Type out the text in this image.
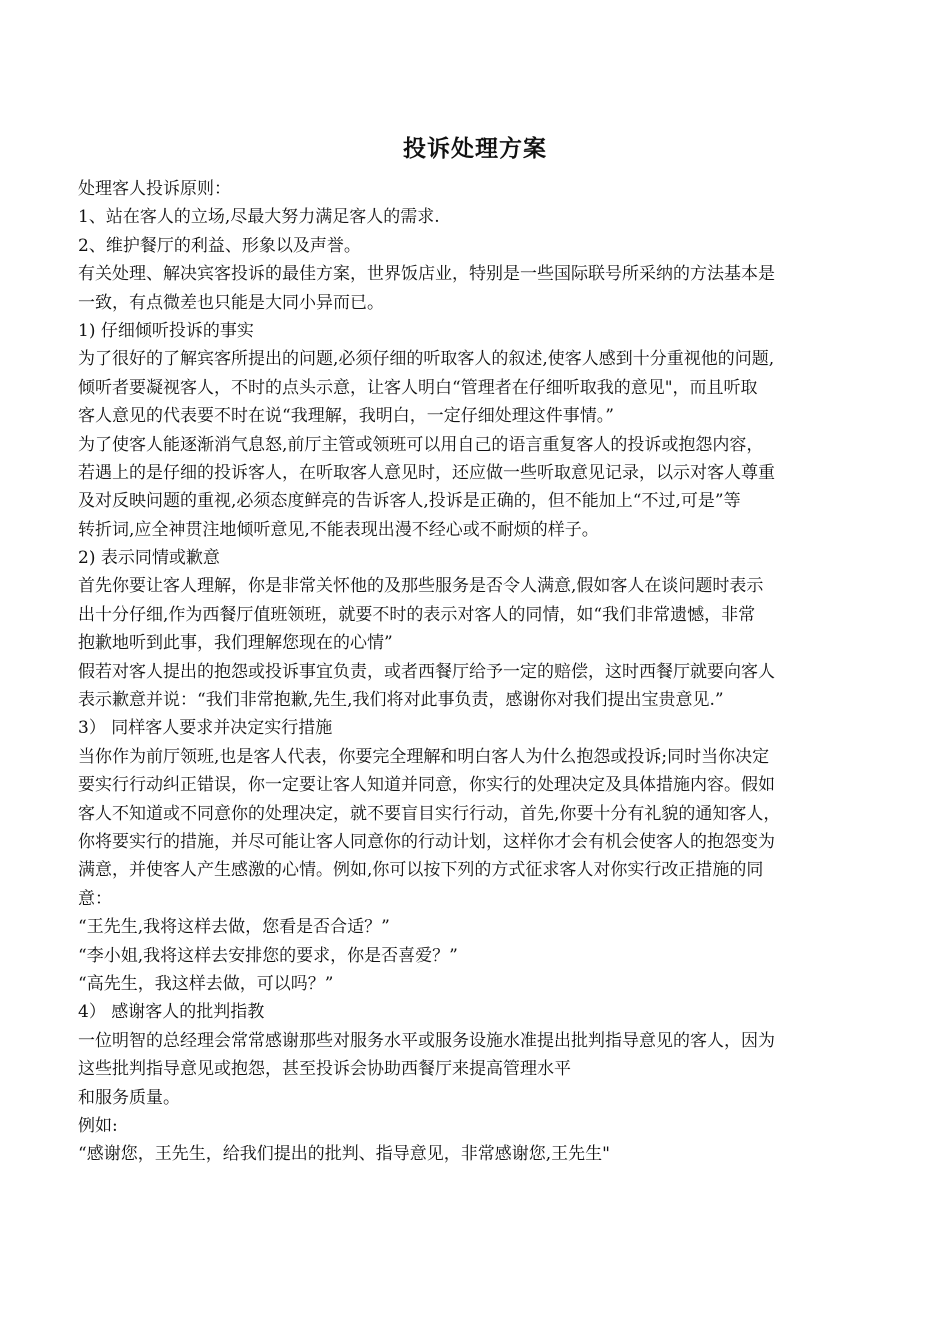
投诉处理方案
处理客人投诉原则：
1、站在客人的立场,尽最大努力满足客人的需求.
2、维护餐厅的利益、形象以及声誉。
有关处理、解决宾客投诉的最佳方案，世界饭店业，特别是一些国际联号所采纳的方法基本是
一致，有点微差也只能是大同小异而已。
1) 仔细倾听投诉的事实
为了很好的了解宾客所提出的问题,必须仔细的听取客人的叙述,使客人感到十分重视他的问题,
倾听者要凝视客人，不时的点头示意，让客人明白“管理者在仔细听取我的意见"，而且听取
客人意见的代表要不时在说“我理解，我明白，一定仔细处理这件事情。”
为了使客人能逐渐消气息怒,前厅主管或领班可以用自己的语言重复客人的投诉或抱怨内容，
若遇上的是仔细的投诉客人，在听取客人意见时，还应做一些听取意见记录，以示对客人尊重
及对反映问题的重视,必须态度鲜亮的告诉客人,投诉是正确的，但不能加上“不过,可是”等
转折词,应全神贯注地倾听意见,不能表现出漫不经心或不耐烦的样子。
2) 表示同情或歉意
首先你要让客人理解，你是非常关怀他的及那些服务是否令人满意,假如客人在谈问题时表示
出十分仔细,作为西餐厅值班领班，就要不时的表示对客人的同情，如“我们非常遗憾，非常
抱歉地听到此事，我们理解您现在的心情”
假若对客人提出的抱怨或投诉事宜负责，或者西餐厅给予一定的赔偿，这时西餐厅就要向客人
表示歉意并说：“我们非常抱歉,先生,我们将对此事负责，感谢你对我们提出宝贵意见.”
3） 同样客人要求并决定实行措施
当你作为前厅领班,也是客人代表，你要完全理解和明白客人为什么抱怨或投诉;同时当你决定
要实行行动纠正错误，你一定要让客人知道并同意，你实行的处理决定及具体措施内容。假如
客人不知道或不同意你的处理决定，就不要盲目实行行动，首先,你要十分有礼貌的通知客人，
你将要实行的措施，并尽可能让客人同意你的行动计划，这样你才会有机会使客人的抱怨变为
满意，并使客人产生感激的心情。例如,你可以按下列的方式征求客人对你实行改正措施的同
意：
“王先生,我将这样去做，您看是否合适？”
“李小姐,我将这样去安排您的要求，你是否喜爱？”
“高先生，我这样去做，可以吗？”
4） 感谢客人的批判指教
一位明智的总经理会常常感谢那些对服务水平或服务设施水准提出批判指导意见的客人，因为
这些批判指导意见或抱怨，甚至投诉会协助西餐厅来提高管理水平
和服务质量。
例如:
“感谢您，王先生，给我们提出的批判、指导意见，非常感谢您,王先生"
